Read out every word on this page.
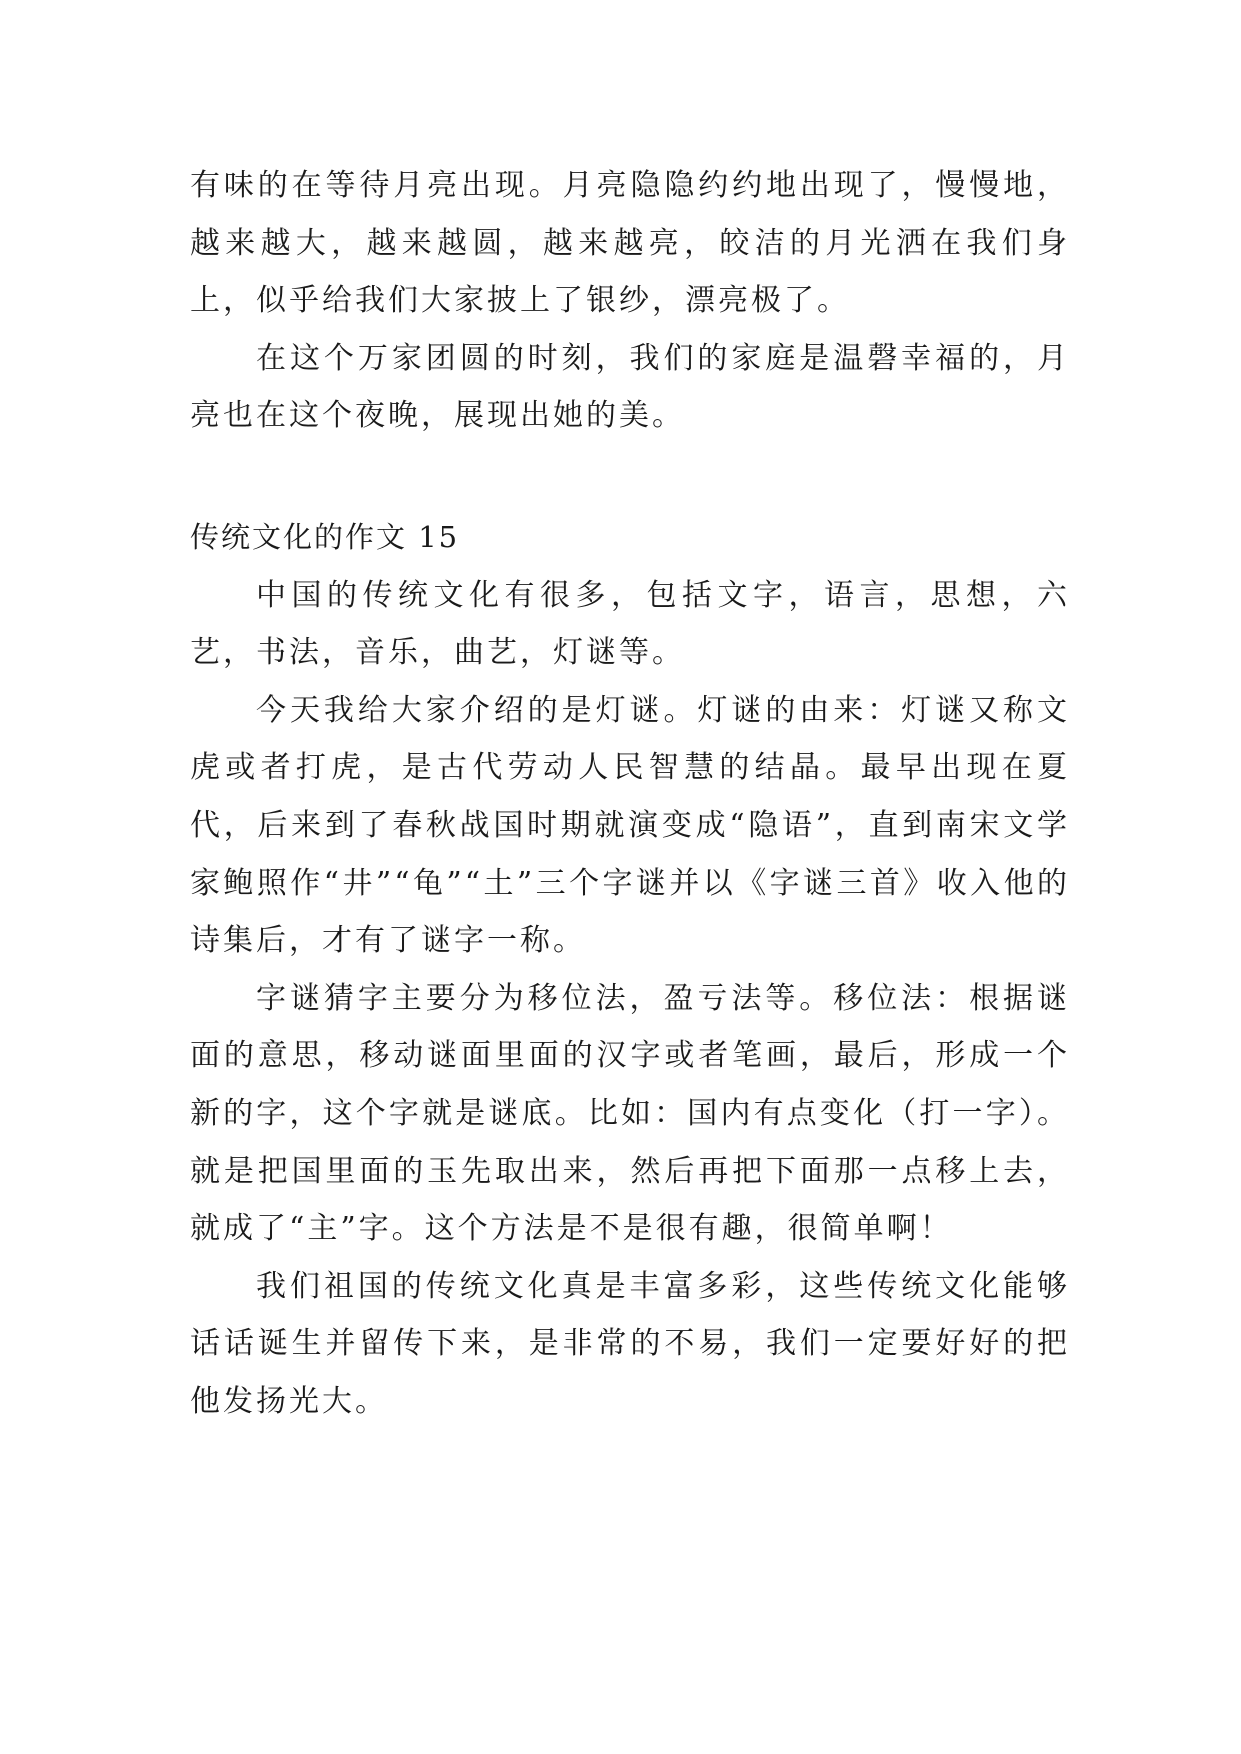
有味的在等待月亮出现。月亮隐隐约约地出现了，慢慢地，越来越大，越来越圆，越来越亮，皎洁的月光洒在我们身上，似乎给我们大家披上了银纱，漂亮极了。

在这个万家团圆的时刻，我们的家庭是温磬幸福的，月亮也在这个夜晚，展现出她的美。

传统文化的作文 15

中国的传统文化有很多，包括文字，语言，思想，六艺，书法，音乐，曲艺，灯谜等。

今天我给大家介绍的是灯谜。灯谜的由来：灯谜又称文虎或者打虎，是古代劳动人民智慧的结晶。最早出现在夏代，后来到了春秋战国时期就演变成“隐语”，直到南宋文学家鲍照作“井”“龟”“土”三个字谜并以《字谜三首》收入他的诗集后，才有了谜字一称。

字谜猜字主要分为移位法，盈亏法等。移位法：根据谜面的意思，移动谜面里面的汉字或者笔画，最后，形成一个新的字，这个字就是谜底。比如：国内有点变化（打一字）。就是把国里面的玉先取出来，然后再把下面那一点移上去，就成了“主”字。这个方法是不是很有趣，很简单啊！

我们祖国的传统文化真是丰富多彩，这些传统文化能够话话诞生并留传下来，是非常的不易，我们一定要好好的把他发扬光大。
